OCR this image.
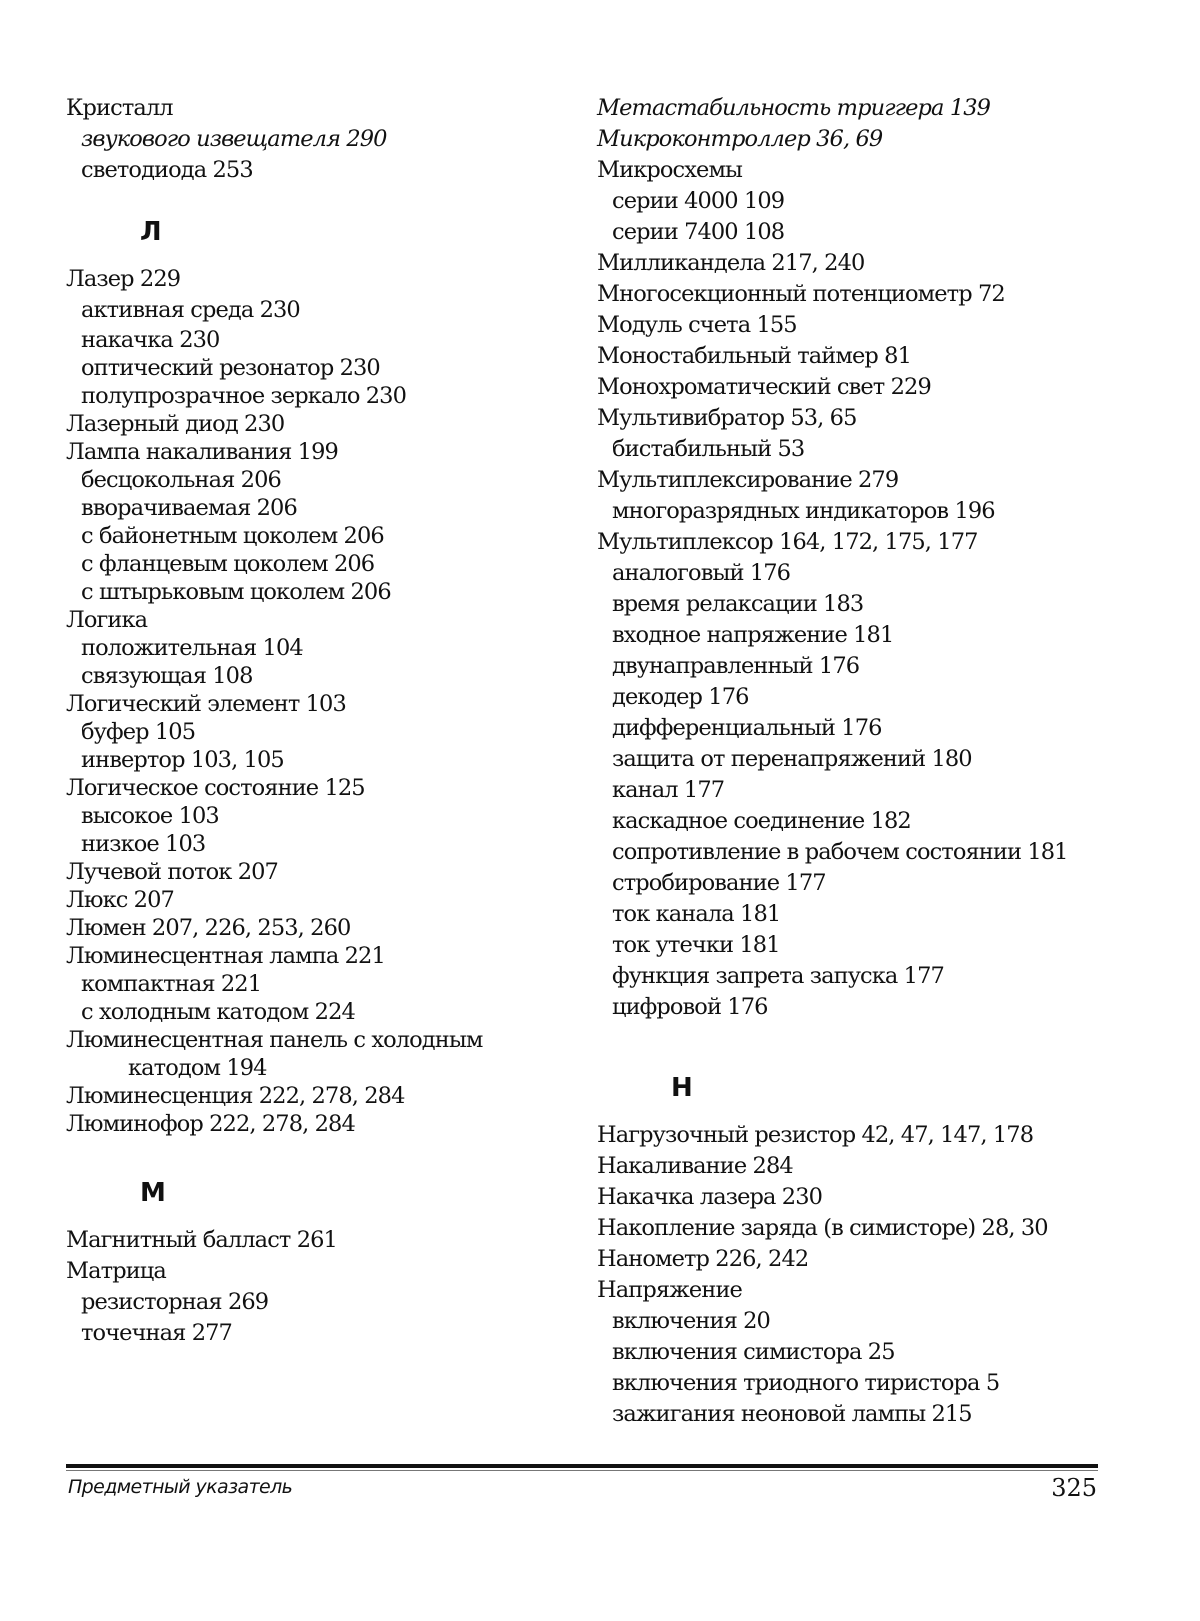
Кристалл
звукового извещателя 290
светодиода 253
Л
Лазер 229
активная среда 230
накачка 230
оптический резонатор 230
полупрозрачное зеркало 230
Лазерный диод 230
Лампа накаливания 199
бесцокольная 206
вворачиваемая 206
с байонетным цоколем 206
с фланцевым цоколем 206
с штырьковым цоколем 206
Логика
положительная 104
связующая 108
Логический элемент 103
буфер 105
инвертор 103, 105
Логическое состояние 125
высокое 103
низкое 103
Лучевой поток 207
Люкс 207
Люмен 207, 226, 253, 260
Люминесцентная лампа 221
компактная 221
с холодным катодом 224
Люминесцентная панель с холодным
катодом 194
Люминесценция 222, 278, 284
Люминофор 222, 278, 284
М
Магнитный балласт 261
Матрица
резисторная 269
точечная 277
Метастабильность триггера 139
Микроконтроллер 36, 69
Микросхемы
серии 4000 109
серии 7400 108
Милликандела 217, 240
Многосекционный потенциометр 72
Модуль счета 155
Моностабильный таймер 81
Монохроматический свет 229
Мультивибратор 53, 65
бистабильный 53
Мультиплексирование 279
многоразрядных индикаторов 196
Мультиплексор 164, 172, 175, 177
аналоговый 176
время релаксации 183
входное напряжение 181
двунаправленный 176
декодер 176
дифференциальный 176
защита от перенапряжений 180
канал 177
каскадное соединение 182
сопротивление в рабочем состоянии 181
стробирование 177
ток канала 181
ток утечки 181
функция запрета запуска 177
цифровой 176
Н
Нагрузочный резистор 42, 47, 147, 178
Накаливание 284
Накачка лазера 230
Накопление заряда (в симисторе) 28, 30
Нанометр 226, 242
Напряжение
включения 20
включения симистора 25
включения триодного тиристора 5
зажигания неоновой лампы 215
Предметный указатель	325
